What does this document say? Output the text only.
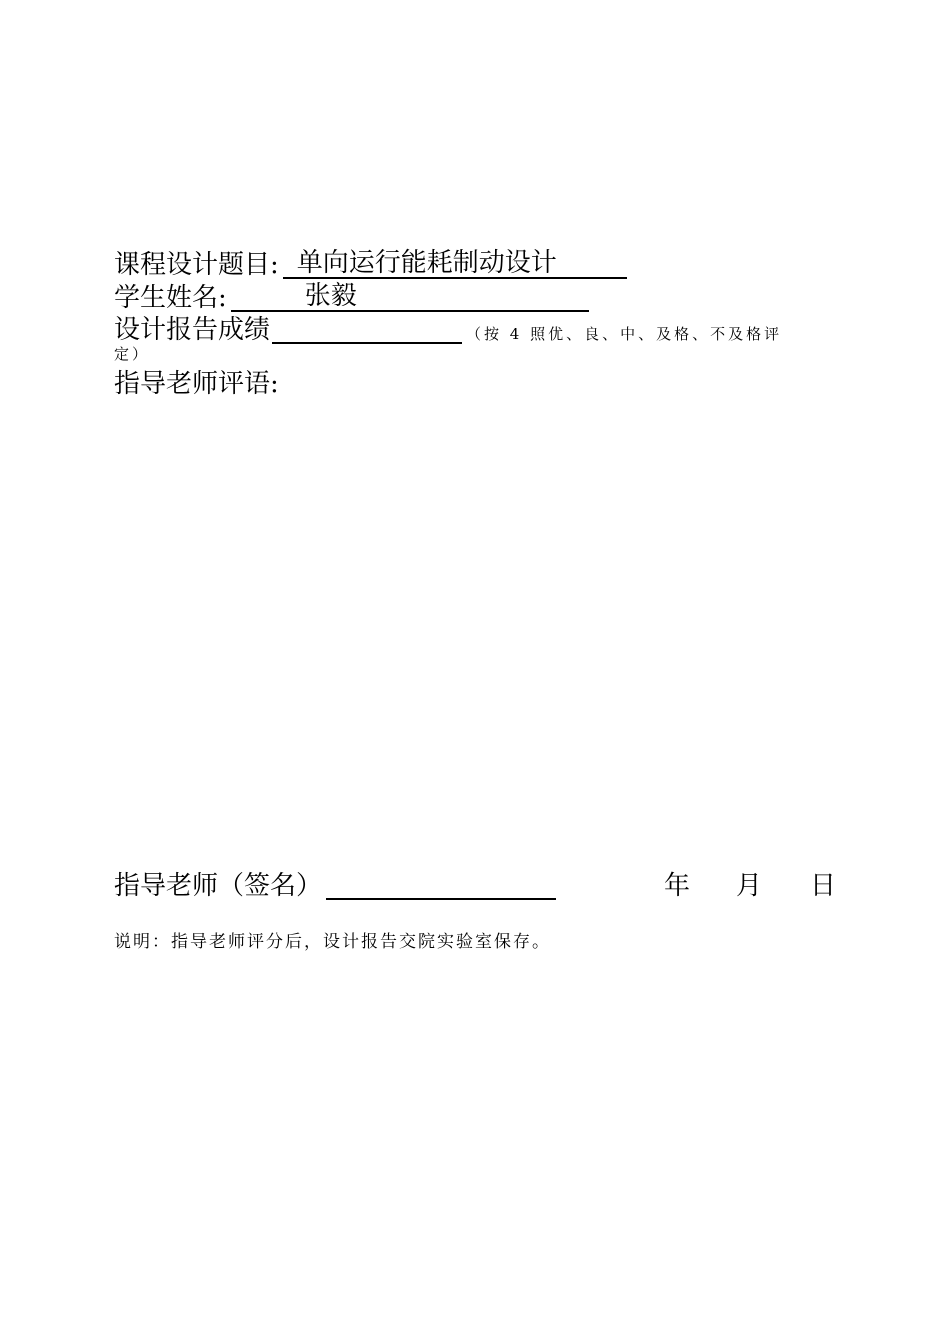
课程设计题目: 单向运行能耗制动设计
学生姓名:	张毅
设计报告成绩	$^{(按 4 照优、良、中、及格、不及格评}$
定）
指导老师评语:
指导老师（签名）	年 月 日
说明：指导老师评分后，设计报告交院实验室保存。
